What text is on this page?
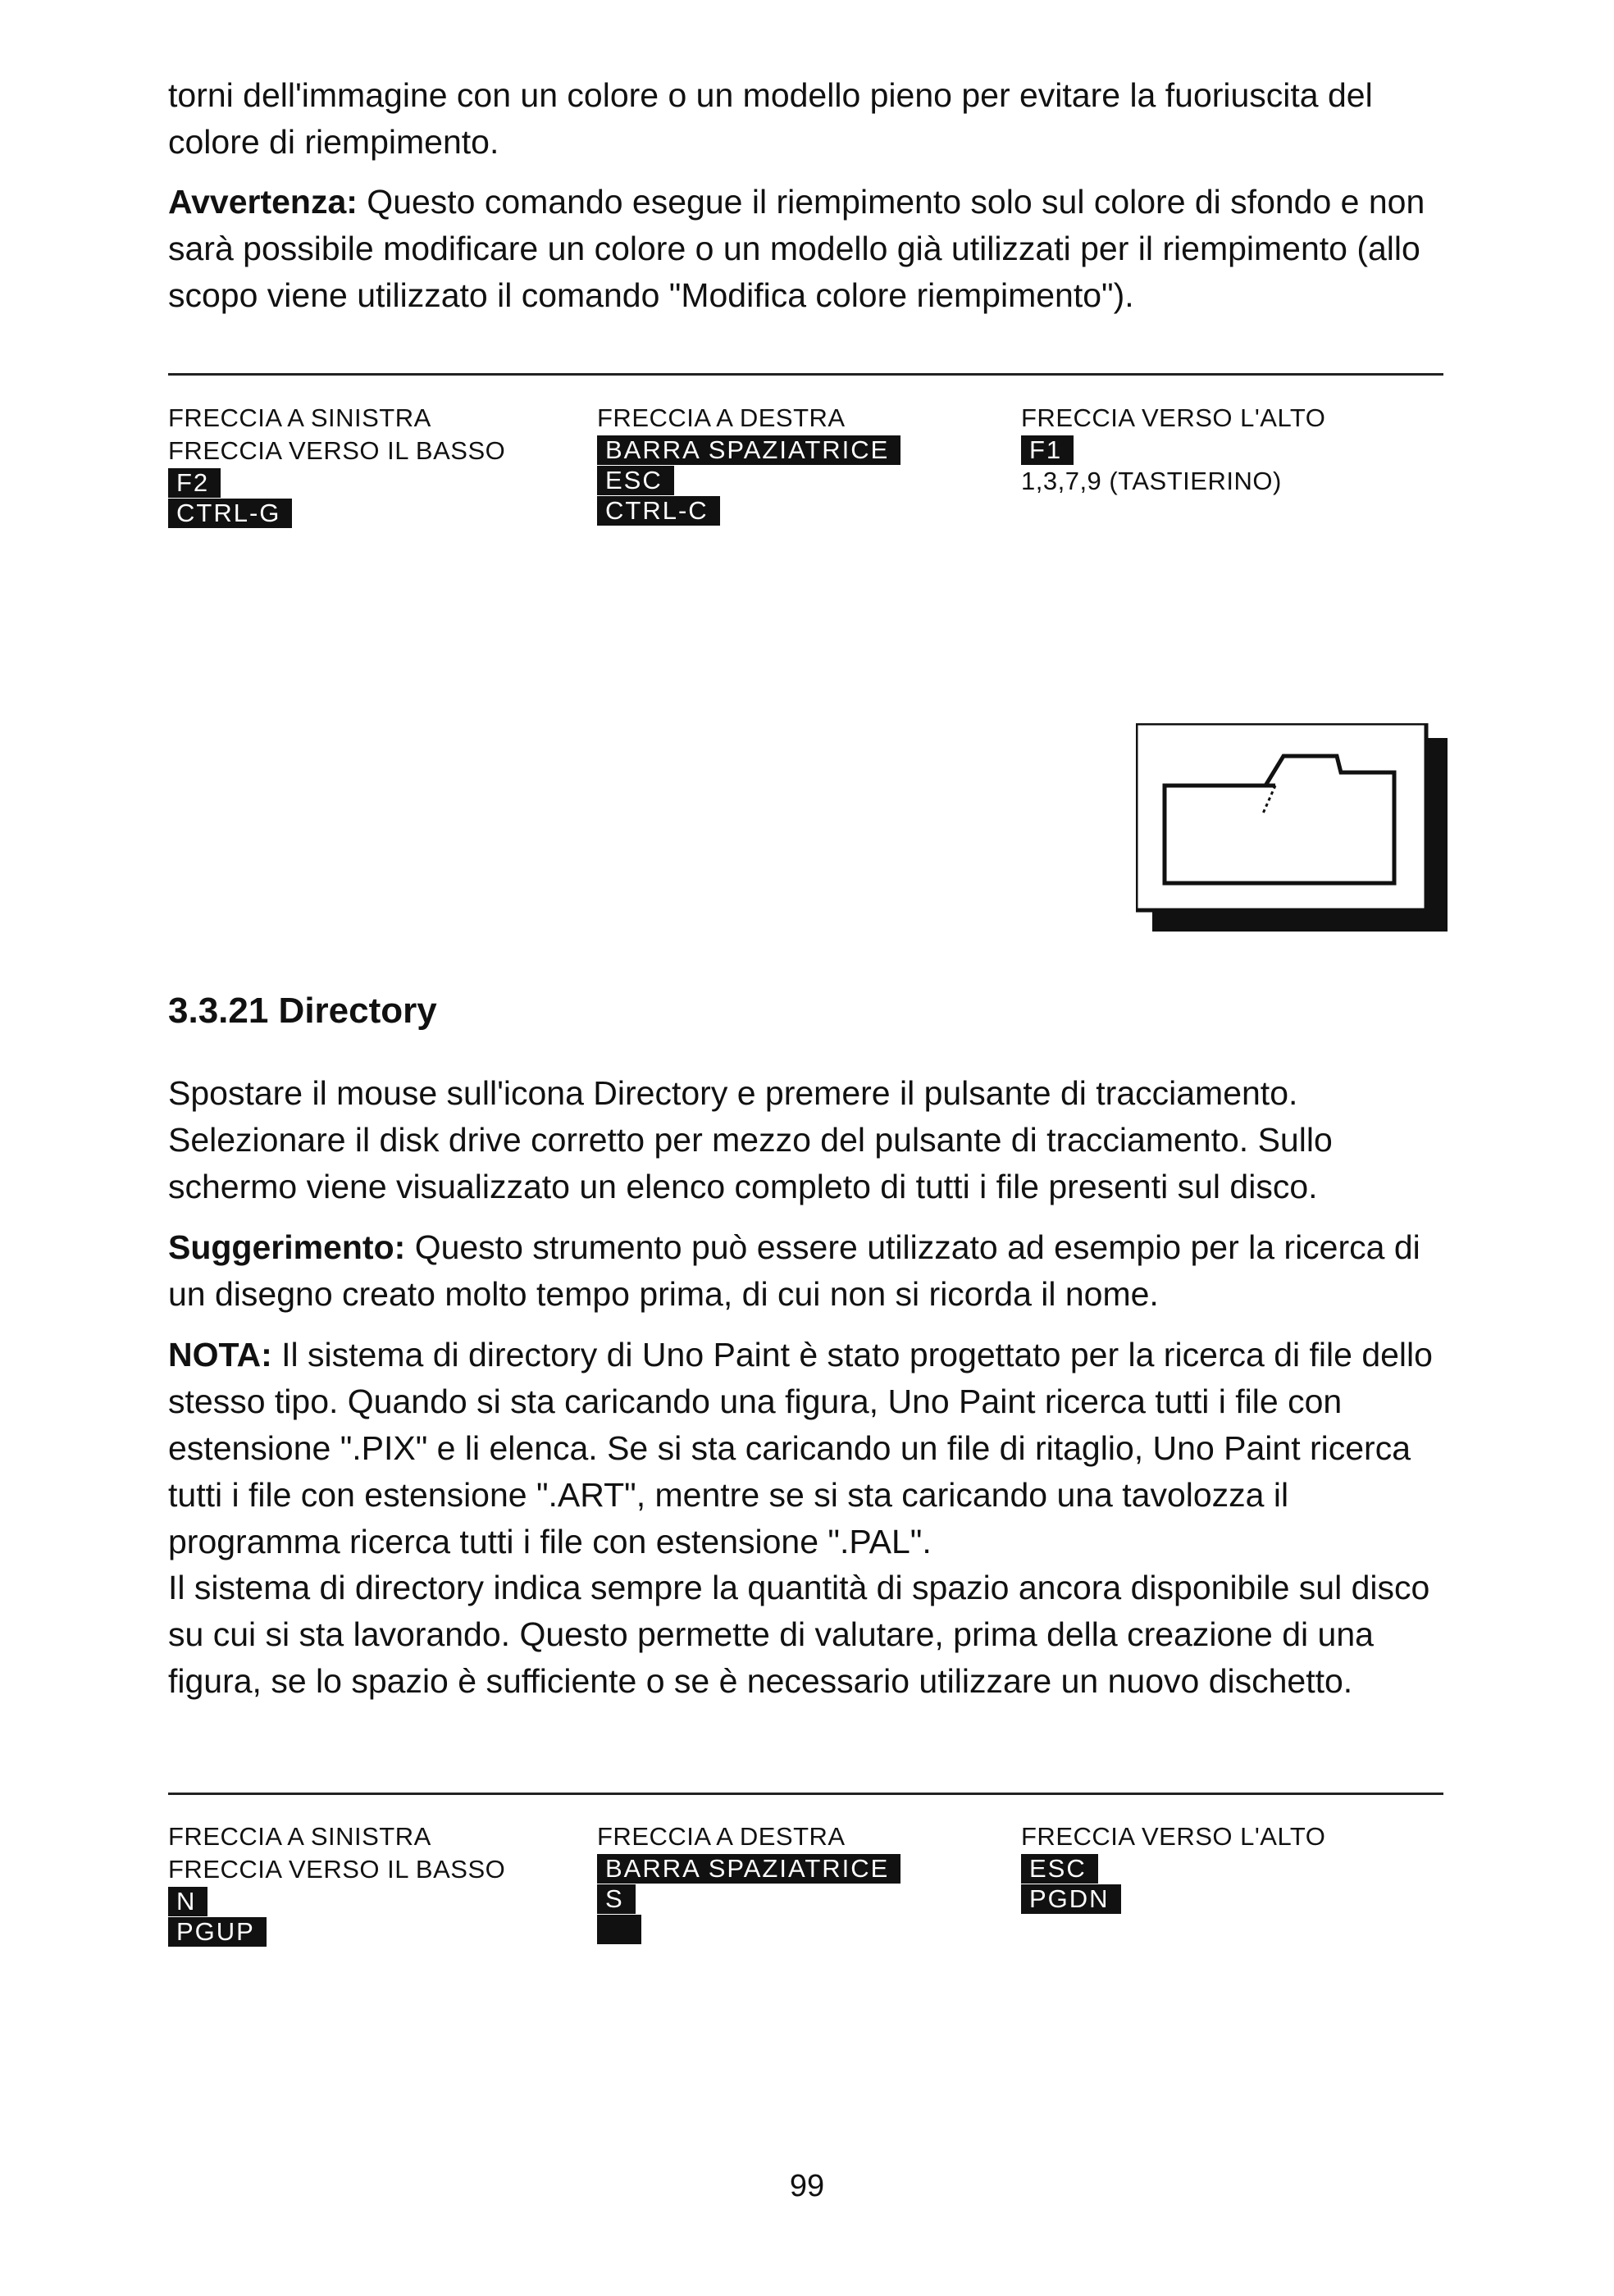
torni dell'immagine con un colore o un modello pieno per evitare la fuoriuscita del colore di riempimento.

Avvertenza: Questo comando esegue il riempimento solo sul colore di sfondo e non sarà possibile modificare un colore o un modello già utilizzati per il riempimento (allo scopo viene utilizzato il comando "Modifica colore riempimento").

FRECCIA A SINISTRA
FRECCIA VERSO IL BASSO
F2
CTRL-G
FRECCIA A DESTRA
BARRA SPAZIATRICE
ESC
CTRL-C
FRECCIA VERSO L'ALTO
F1
1,3,7,9 (TASTIERINO)
3.3.21 Directory

Spostare il mouse sull'icona Directory e premere il pulsante di tracciamento. Selezionare il disk drive corretto per mezzo del pulsante di tracciamento. Sullo schermo viene visualizzato un elenco completo di tutti i file presenti sul disco.

Suggerimento: Questo strumento può essere utilizzato ad esempio per la ricerca di un disegno creato molto tempo prima, di cui non si ricorda il nome.

NOTA: Il sistema di directory di Uno Paint è stato progettato per la ricerca di file dello stesso tipo. Quando si sta caricando una figura, Uno Paint ricerca tutti i file con estensione ".PIX" e li elenca. Se si sta caricando un file di ritaglio, Uno Paint ricerca tutti i file con estensione ".ART", mentre se si sta caricando una tavolozza il programma ricerca tutti i file con estensione ".PAL".

Il sistema di directory indica sempre la quantità di spazio ancora disponibile sul disco su cui si sta lavorando. Questo permette di valutare, prima della creazione di una figura, se lo spazio è sufficiente o se è necessario utilizzare un nuovo dischetto.

FRECCIA A SINISTRA
FRECCIA VERSO IL BASSO
N
PGUP
FRECCIA A DESTRA
BARRA SPAZIATRICE
S
FRECCIA VERSO L'ALTO
ESC
PGDN
99
